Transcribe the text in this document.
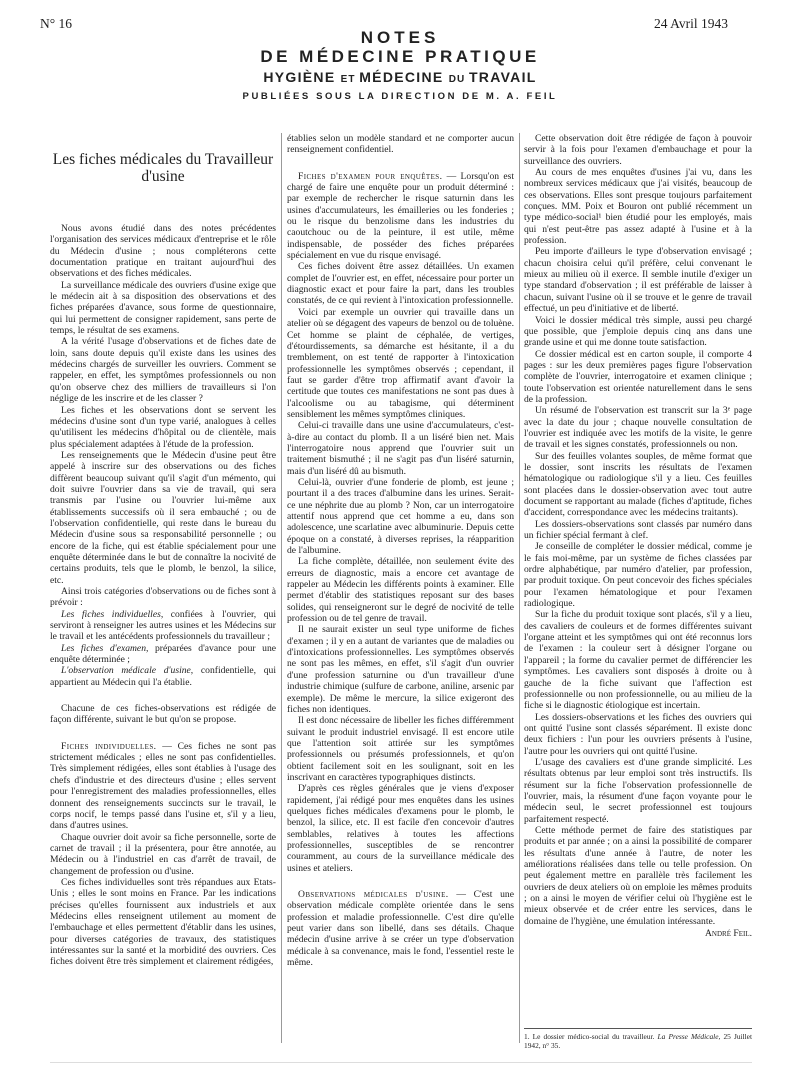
N° 16	24 Avril 1943
NOTES
DE MÉDECINE PRATIQUE
HYGIÈNE ET MÉDECINE DU TRAVAIL
PUBLIÉES SOUS LA DIRECTION DE M. A. FEIL
Les fiches médicales du Travailleur d'usine

Nous avons étudié dans des notes précédentes l'organisation des services médicaux d'entreprise et le rôle du Médecin d'usine ; nous compléterons cette documentation pratique en traitant aujourd'hui des observations et des fiches médicales.

La surveillance médicale des ouvriers d'usine exige que le médecin ait à sa disposition des observations et des fiches préparées d'avance, sous forme de questionnaire, qui lui permettent de consigner rapidement, sans perte de temps, le résultat de ses examens.

A la vérité l'usage d'observations et de fiches date de loin, sans doute depuis qu'il existe dans les usines des médecins chargés de surveiller les ouvriers. Comment se rappeler, en effet, les symptômes professionnels ou non qu'on observe chez des milliers de travailleurs si l'on néglige de les inscrire et de les classer ?

Les fiches et les observations dont se servent les médecins d'usine sont d'un type varié, analogues à celles qu'utilisent les médecins d'hôpital ou de clientèle, mais plus spécialement adaptées à l'étude de la profession.

Les renseignements que le Médecin d'usine peut être appelé à inscrire sur des observations ou des fiches diffèrent beaucoup suivant qu'il s'agit d'un mémento, qui doit suivre l'ouvrier dans sa vie de travail, qui sera transmis par l'usine ou l'ouvrier lui-même aux établissements successifs où il sera embauché ; ou de l'observation confidentielle, qui reste dans le bureau du Médecin d'usine sous sa responsabilité personnelle ; ou encore de la fiche, qui est établie spécialement pour une enquête déterminée dans le but de connaître la nocivité de certains produits, tels que le plomb, le benzol, la silice, etc.

Ainsi trois catégories d'observations ou de fiches sont à prévoir :

Les fiches individuelles, confiées à l'ouvrier, qui serviront à renseigner les autres usines et les Médecins sur le travail et les antécédents professionnels du travailleur ;

Les fiches d'examen, préparées d'avance pour une enquête déterminée ;

L'observation médicale d'usine, confidentielle, qui appartient au Médecin qui l'a établie.

Chacune de ces fiches-observations est rédigée de façon différente, suivant le but qu'on se propose.

Fiches individuelles. — Ces fiches ne sont pas strictement médicales ; elles ne sont pas confidentielles. Très simplement rédigées, elles sont établies à l'usage des chefs d'industrie et des directeurs d'usine ; elles servent pour l'enregistrement des maladies professionnelles, elles donnent des renseignements succincts sur le travail, le corps nocif, le temps passé dans l'usine et, s'il y a lieu, dans d'autres usines.

Chaque ouvrier doit avoir sa fiche personnelle, sorte de carnet de travail ; il la présentera, pour être annotée, au Médecin ou à l'industriel en cas d'arrêt de travail, de changement de profession ou d'usine.

Ces fiches individuelles sont très répandues aux Etats-Unis ; elles le sont moins en France. Par les indications précises qu'elles fournissent aux industriels et aux Médecins elles renseignent utilement au moment de l'embauchage et elles permettent d'établir dans les usines, pour diverses catégories de travaux, des statistiques intéressantes sur la santé et la morbidité des ouvriers. Ces fiches doivent être très simplement et clairement rédigées,

établies selon un modèle standard et ne comporter aucun renseignement confidentiel.

Fiches d'examen pour enquêtes. — Lorsqu'on est chargé de faire une enquête pour un produit déterminé : par exemple de rechercher le risque saturnin dans les usines d'accumulateurs, les émailleries ou les fonderies ; ou le risque du benzolisme dans les industries du caoutchouc ou de la peinture, il est utile, même indispensable, de posséder des fiches préparées spécialement en vue du risque envisagé.

Ces fiches doivent être assez détaillées. Un examen complet de l'ouvrier est, en effet, nécessaire pour porter un diagnostic exact et pour faire la part, dans les troubles constatés, de ce qui revient à l'intoxication professionnelle.

Voici par exemple un ouvrier qui travaille dans un atelier où se dégagent des vapeurs de benzol ou de toluène. Cet homme se plaint de céphalée, de vertiges, d'étourdissements, sa démarche est hésitante, il a du tremblement, on est tenté de rapporter à l'intoxication professionnelle les symptômes observés ; cependant, il faut se garder d'être trop affirmatif avant d'avoir la certitude que toutes ces manifestations ne sont pas dues à l'alcoolisme ou au tabagisme, qui déterminent sensiblement les mêmes symptômes cliniques.

Celui-ci travaille dans une usine d'accumulateurs, c'est-à-dire au contact du plomb. Il a un liséré bien net. Mais l'interrogatoire nous apprend que l'ouvrier suit un traitement bismuthé ; il ne s'agit pas d'un liséré saturnin, mais d'un liséré dû au bismuth.

Celui-là, ouvrier d'une fonderie de plomb, est jeune ; pourtant il a des traces d'albumine dans les urines. Serait-ce une néphrite due au plomb ? Non, car un interrogatoire attentif nous apprend que cet homme a eu, dans son adolescence, une scarlatine avec albuminurie. Depuis cette époque on a constaté, à diverses reprises, la réapparition de l'albumine.

La fiche complète, détaillée, non seulement évite des erreurs de diagnostic, mais a encore cet avantage de rappeler au Médecin les différents points à examiner. Elle permet d'établir des statistiques reposant sur des bases solides, qui renseigneront sur le degré de nocivité de telle profession ou de tel genre de travail.

Il ne saurait exister un seul type uniforme de fiches d'examen ; il y en a autant de variantes que de maladies ou d'intoxications professionnelles. Les symptômes observés ne sont pas les mêmes, en effet, s'il s'agit d'un ouvrier d'une profession saturnine ou d'un travailleur d'une industrie chimique (sulfure de carbone, aniline, arsenic par exemple). De même le mercure, la silice exigeront des fiches non identiques.

Il est donc nécessaire de libeller les fiches différemment suivant le produit industriel envisagé. Il est encore utile que l'attention soit attirée sur les symptômes professionnels ou présumés professionnels, et qu'on obtient facilement soit en les soulignant, soit en les inscrivant en caractères typographiques distincts.

D'après ces règles générales que je viens d'exposer rapidement, j'ai rédigé pour mes enquêtes dans les usines quelques fiches médicales d'examens pour le plomb, le benzol, la silice, etc. Il est facile d'en concevoir d'autres semblables, relatives à toutes les affections professionnelles, susceptibles de se rencontrer couramment, au cours de la surveillance médicale des usines et ateliers.

Observations médicales d'usine. — C'est une observation médicale complète orientée dans le sens profession et maladie professionnelle. C'est dire qu'elle peut varier dans son libellé, dans ses détails. Chaque médecin d'usine arrive à se créer un type d'observation médicale à sa convenance, mais le fond, l'essentiel reste le même.

Cette observation doit être rédigée de façon à pouvoir servir à la fois pour l'examen d'embauchage et pour la surveillance des ouvriers.

Au cours de mes enquêtes d'usines j'ai vu, dans les nombreux services médicaux que j'ai visités, beaucoup de ces observations. Elles sont presque toujours parfaitement conçues. MM. Poix et Bouron ont publié récemment un type médico-social¹ bien étudié pour les employés, mais qui n'est peut-être pas assez adapté à l'usine et à la profession.

Peu importe d'ailleurs le type d'observation envisagé ; chacun choisira celui qu'il préfère, celui convenant le mieux au milieu où il exerce. Il semble inutile d'exiger un type standard d'observation ; il est préférable de laisser à chacun, suivant l'usine où il se trouve et le genre de travail effectué, un peu d'initiative et de liberté.

Voici le dossier médical très simple, aussi peu chargé que possible, que j'emploie depuis cinq ans dans une grande usine et qui me donne toute satisfaction.

Ce dossier médical est en carton souple, il comporte 4 pages : sur les deux premières pages figure l'observation complète de l'ouvrier, interrogatoire et examen clinique ; toute l'observation est orientée naturellement dans le sens de la profession.

Un résumé de l'observation est transcrit sur la 3ᵉ page avec la date du jour ; chaque nouvelle consultation de l'ouvrier est indiquée avec les motifs de la visite, le genre de travail et les signes constatés, professionnels ou non.

Sur des feuilles volantes souples, de même format que le dossier, sont inscrits les résultats de l'examen hématologique ou radiologique s'il y a lieu. Ces feuilles sont placées dans le dossier-observation avec tout autre document se rapportant au malade (fiches d'aptitude, fiches d'accident, correspondance avec les médecins traitants).

Les dossiers-observations sont classés par numéro dans un fichier spécial fermant à clef.

Je conseille de compléter le dossier médical, comme je le fais moi-même, par un système de fiches classées par ordre alphabétique, par numéro d'atelier, par profession, par produit toxique. On peut concevoir des fiches spéciales pour l'examen hématologique et pour l'examen radiologique.

Sur la fiche du produit toxique sont placés, s'il y a lieu, des cavaliers de couleurs et de formes différentes suivant l'organe atteint et les symptômes qui ont été reconnus lors de l'examen : la couleur sert à désigner l'organe ou l'appareil ; la forme du cavalier permet de différencier les symptômes. Les cavaliers sont disposés à droite ou à gauche de la fiche suivant que l'affection est professionnelle ou non professionnelle, ou au milieu de la fiche si le diagnostic étiologique est incertain.

Les dossiers-observations et les fiches des ouvriers qui ont quitté l'usine sont classés séparément. Il existe donc deux fichiers : l'un pour les ouvriers présents à l'usine, l'autre pour les ouvriers qui ont quitté l'usine.

L'usage des cavaliers est d'une grande simplicité. Les résultats obtenus par leur emploi sont très instructifs. Ils résument sur la fiche l'observation professionnelle de l'ouvrier, mais, la résument d'une façon voyante pour le médecin seul, le secret professionnel est toujours parfaitement respecté.

Cette méthode permet de faire des statistiques par produits et par année ; on a ainsi la possibilité de comparer les résultats d'une année à l'autre, de noter les améliorations réalisées dans telle ou telle profession. On peut également mettre en parallèle très facilement les ouvriers de deux ateliers où on emploie les mêmes produits ; on a ainsi le moyen de vérifier celui où l'hygiène est le mieux observée et de créer entre les services, dans le domaine de l'hygiène, une émulation intéressante.

André Feil.
1. Le dossier médico-social du travailleur. La Presse Médicale, 25 Juillet 1942, n° 35.
